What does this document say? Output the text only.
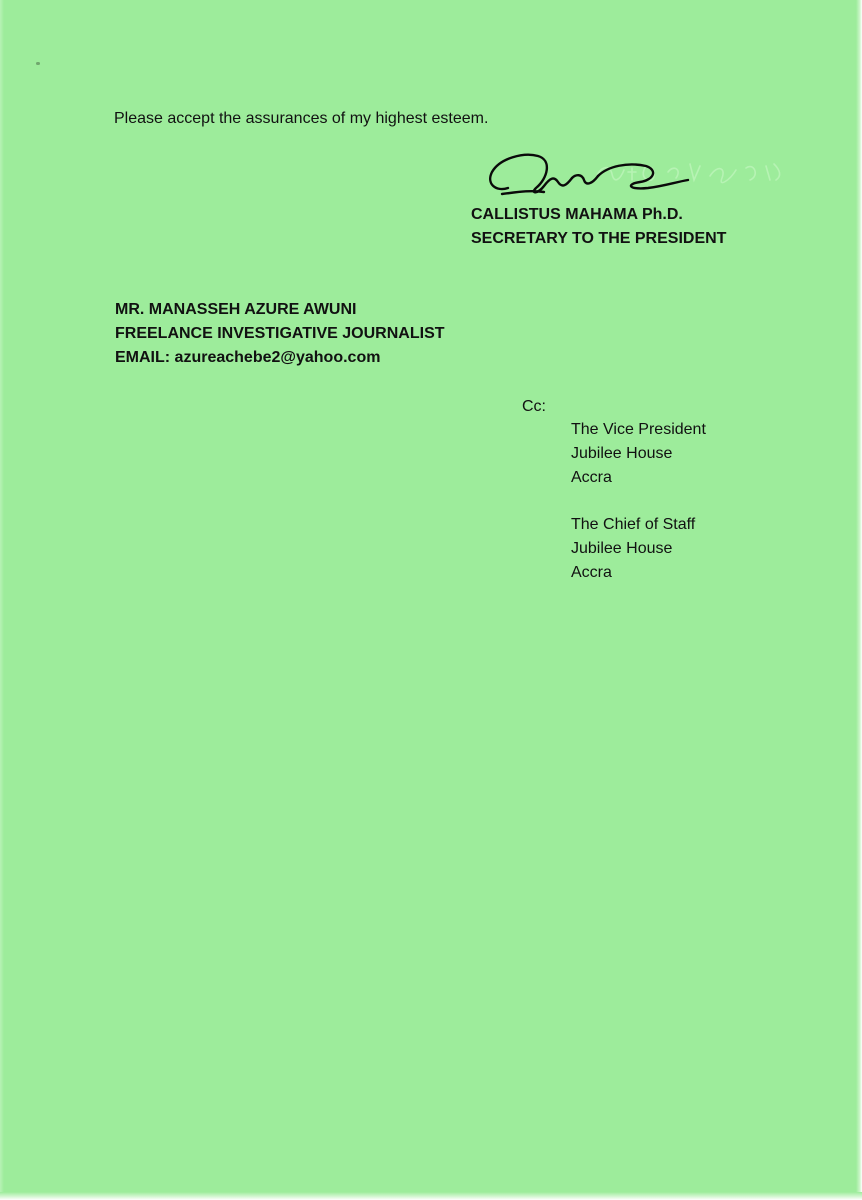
Please accept the assurances of my highest esteem.
CALLISTUS MAHAMA Ph.D.
SECRETARY TO THE PRESIDENT
MR. MANASSEH AZURE AWUNI
FREELANCE INVESTIGATIVE JOURNALIST
EMAIL: azureachebe2@yahoo.com
Cc:
The Vice President
Jubilee House
Accra
The Chief of Staff
Jubilee House
Accra
